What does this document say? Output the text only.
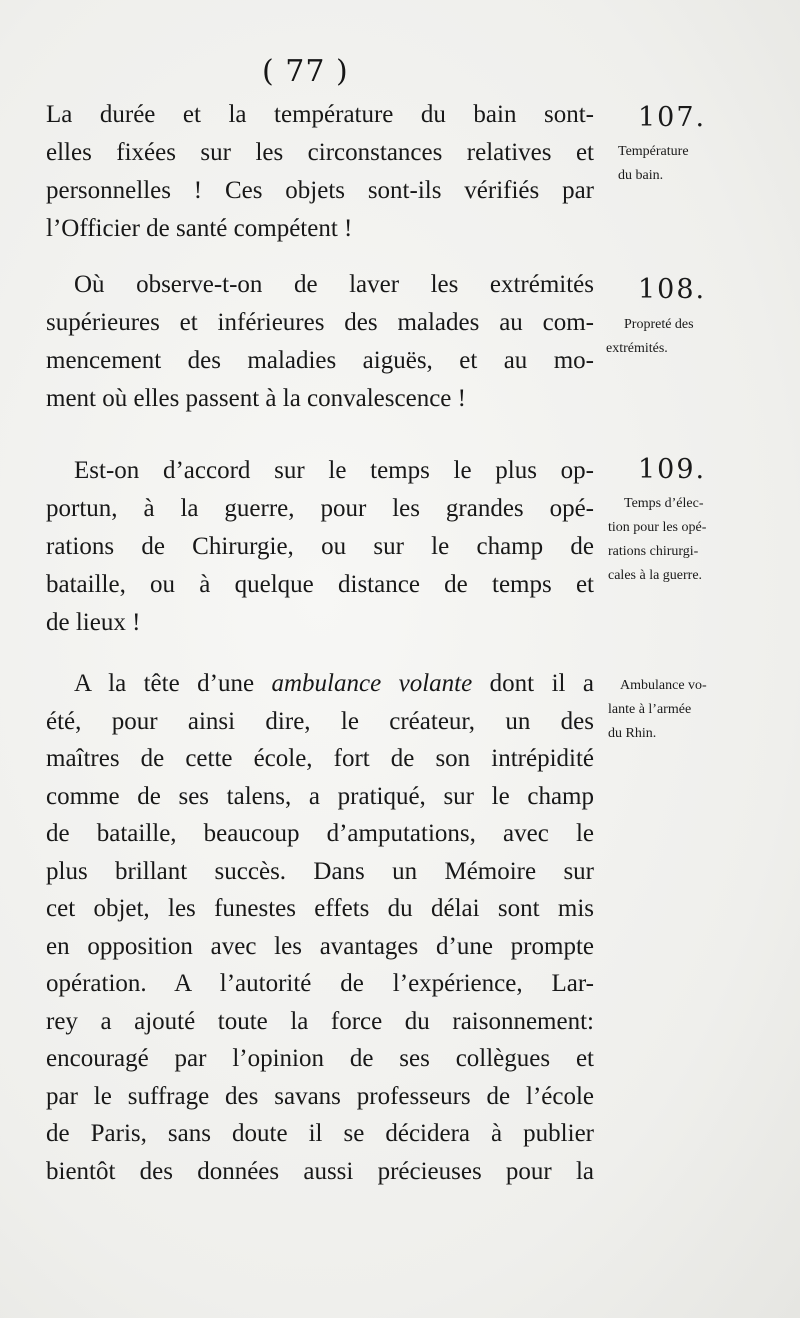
( 77 )
La durée et la température du bain sont-
elles fixées sur les circonstances relatives et
personnelles ! Ces objets sont-ils vérifiés par
l’Officier de santé compétent !
Où observe-t-on de laver les extrémités
supérieures et inférieures des malades au com-
mencement des maladies aiguës, et au mo-
ment où elles passent à la convalescence !
Est-on d’accord sur le temps le plus op-
portun, à la guerre, pour les grandes opé-
rations de Chirurgie, ou sur le champ de
bataille, ou à quelque distance de temps et
de lieux !
A la tête d’une ambulance volante dont il a
été, pour ainsi dire, le créateur, un des
maîtres de cette école, fort de son intrépidité
comme de ses talens, a pratiqué, sur le champ
de bataille, beaucoup d’amputations, avec le
plus brillant succès. Dans un Mémoire sur
cet objet, les funestes effets du délai sont mis
en opposition avec les avantages d’une prompte
opération. A l’autorité de l’expérience, Lar-
rey a ajouté toute la force du raisonnement:
encouragé par l’opinion de ses collègues et
par le suffrage des savans professeurs de l’école
de Paris, sans doute il se décidera à publier
bientôt des données aussi précieuses pour la
107.
Température
du bain.
108.
Propreté des
extrémités.
109.
Temps d’élec-
tion pour les opé-
rations chirurgi-
cales à la guerre.
Ambulance vo-
lante à l’armée
du Rhin.
